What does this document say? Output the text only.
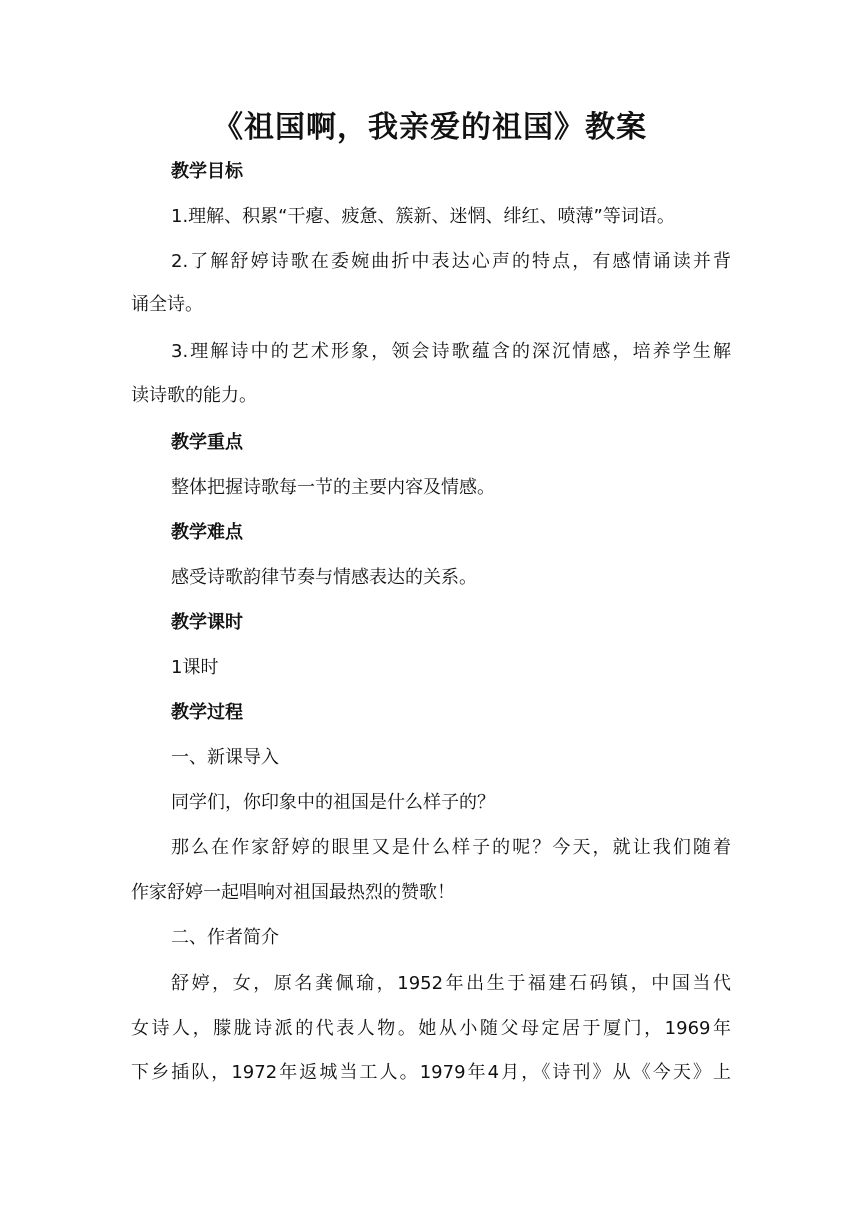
《祖国啊，我亲爱的祖国》教案
教学目标
1.理解、积累“干瘪、疲惫、簇新、迷惘、绯红、喷薄”等词语。
2.了解舒婷诗歌在委婉曲折中表达心声的特点，有感情诵读并背
诵全诗。
3.理解诗中的艺术形象，领会诗歌蕴含的深沉情感，培养学生解
读诗歌的能力。
教学重点
整体把握诗歌每一节的主要内容及情感。
教学难点
感受诗歌韵律节奏与情感表达的关系。
教学课时
1课时
教学过程
一、新课导入
同学们，你印象中的祖国是什么样子的？
那么在作家舒婷的眼里又是什么样子的呢？今天，就让我们随着
作家舒婷一起唱响对祖国最热烈的赞歌！
二、作者简介
舒婷，女，原名龚佩瑜，1952年出生于福建石码镇，中国当代
女诗人，朦胧诗派的代表人物。她从小随父母定居于厦门，1969年
下乡插队，1972年返城当工人。1979年4月，《诗刊》从《今天》上
